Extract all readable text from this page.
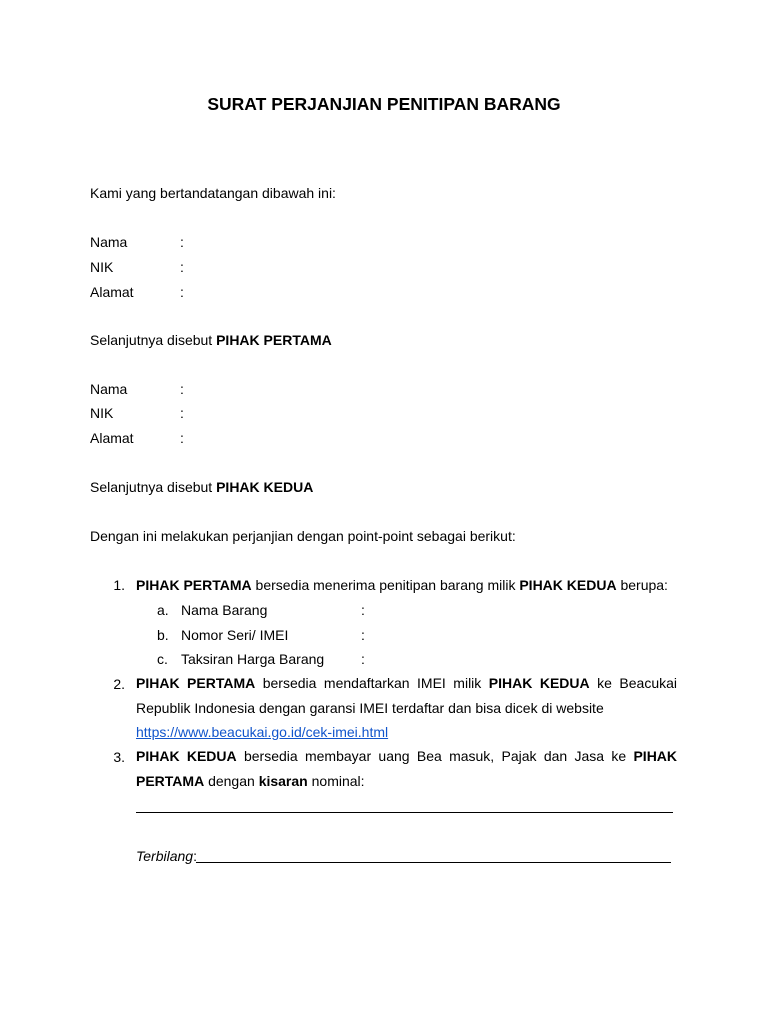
SURAT PERJANJIAN PENITIPAN BARANG
Kami yang bertandatangan dibawah ini:
Nama	:
NIK	:
Alamat	:
Selanjutnya disebut PIHAK PERTAMA
Nama	:
NIK	:
Alamat	:
Selanjutnya disebut PIHAK KEDUA
Dengan ini melakukan perjanjian dengan point-point sebagai berikut:
1. PIHAK PERTAMA bersedia menerima penitipan barang milik PIHAK KEDUA berupa:
a. Nama Barang	:
b. Nomor Seri/ IMEI	:
c. Taksiran Harga Barang	:
2. PIHAK PERTAMA bersedia mendaftarkan IMEI milik PIHAK KEDUA ke Beacukai Republik Indonesia dengan garansi IMEI terdaftar dan bisa dicek di website
https://www.beacukai.go.id/cek-imei.html
3. PIHAK KEDUA bersedia membayar uang Bea masuk, Pajak dan Jasa ke PIHAK PERTAMA dengan kisaran nominal:
Terbilang:
